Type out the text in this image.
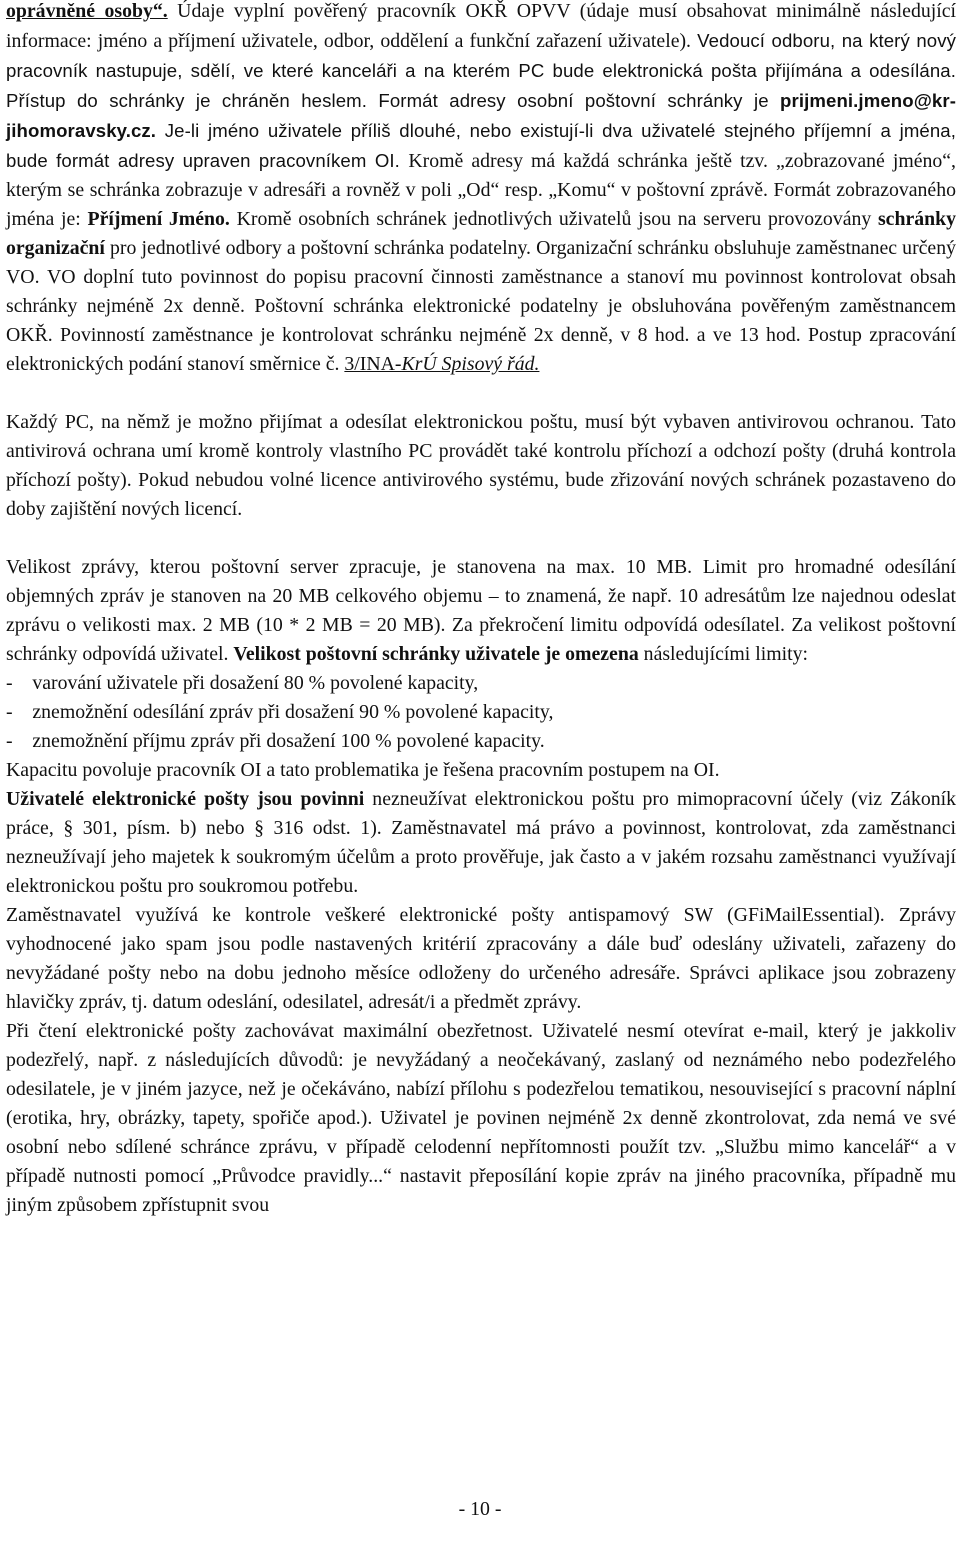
oprávněné osoby“. Údaje vyplní pověřený pracovník OKŘ OPVV (údaje musí obsahovat minimálně následující informace: jméno a příjmení uživatele, odbor, oddělení a funkční zařazení uživatele). Vedoucí odboru, na který nový pracovník nastupuje, sdělí, ve které kanceláři a na kterém PC bude elektronická pošta přijímána a odesílána. Přístup do schránky je chráněn heslem. Formát adresy osobní poštovní schránky je prijmeni.jmeno@kr-jihomoravsky.cz. Je-li jméno uživatele příliš dlouhé, nebo existují-li dva uživatelé stejného příjemní a jména, bude formát adresy upraven pracovníkem OI. Kromě adresy má každá schránka ještě tzv. „zobrazované jméno“, kterým se schránka zobrazuje v adresáři a rovněž v poli „Od“ resp. „Komu“ v poštovní zprávě. Formát zobrazovaného jména je: Příjmení Jméno. Kromě osobních schránek jednotlivých uživatelů jsou na serveru provozovány schránky organizační pro jednotlivé odbory a poštovní schránka podatelny. Organizační schránku obsluhuje zaměstnanec určený VO. VO doplní tuto povinnost do popisu pracovní činnosti zaměstnance a stanoví mu povinnost kontrolovat obsah schránky nejméně 2x denně. Poštovní schránka elektronické podatelny je obsluhována pověřeným zaměstnancem OKŘ. Povinností zaměstnance je kontrolovat schránku nejméně 2x denně, v 8 hod. a ve 13 hod. Postup zpracování elektronických podání stanoví směrnice č. 3/INA-KrÚ Spisový řád.

Každý PC, na němž je možno přijímat a odesílat elektronickou poštu, musí být vybaven antivirovou ochranou. Tato antivirová ochrana umí kromě kontroly vlastního PC provádět také kontrolu příchozí a odchozí pošty (druhá kontrola příchozí pošty). Pokud nebudou volné licence antivirového systému, bude zřizování nových schránek pozastaveno do doby zajištění nových licencí.

Velikost zprávy, kterou poštovní server zpracuje, je stanovena na max. 10 MB. Limit pro hromadné odesílání objemných zpráv je stanoven na 20 MB celkového objemu – to znamená, že např. 10 adresátům lze najednou odeslat zprávu o velikosti max. 2 MB (10 * 2 MB = 20 MB). Za překročení limitu odpovídá odesílatel. Za velikost poštovní schránky odpovídá uživatel. Velikost poštovní schránky uživatele je omezena následujícími limity:

-    varování uživatele při dosažení 80 % povolené kapacity,

-    znemožnění odesílání zpráv při dosažení 90 % povolené kapacity,

-    znemožnění příjmu zpráv při dosažení 100 % povolené kapacity.

Kapacitu povoluje pracovník OI a tato problematika je řešena pracovním postupem na OI.

Uživatelé elektronické pošty jsou povinni nezneužívat elektronickou poštu pro mimopracovní účely (viz Zákoník práce, § 301, písm. b) nebo § 316 odst. 1). Zaměstnavatel má právo a povinnost, kontrolovat, zda zaměstnanci nezneužívají jeho majetek k soukromým účelům a proto prověřuje, jak často a v jakém rozsahu zaměstnanci využívají elektronickou poštu pro soukromou potřebu.

Zaměstnavatel využívá ke kontrole veškeré elektronické pošty antispamový SW (GFiMailEssential). Zprávy vyhodnocené jako spam jsou podle nastavených kritérií zpracovány a dále buď odeslány uživateli, zařazeny do nevyžádané pošty nebo na dobu jednoho měsíce odloženy do určeného adresáře. Správci aplikace jsou zobrazeny hlavičky zpráv, tj. datum odeslání, odesilatel, adresát/i a předmět zprávy.

Při čtení elektronické pošty zachovávat maximální obezřetnost. Uživatelé nesmí otevírat e-mail, který je jakkoliv podezřelý, např. z následujících důvodů: je nevyžádaný a neočekávaný, zaslaný od neznámého nebo podezřelého odesilatele, je v jiném jazyce, než je očekáváno, nabízí přílohu s podezřelou tematikou, nesouvisející s pracovní náplní (erotika, hry, obrázky, tapety, spořiče apod.). Uživatel je povinen nejméně 2x denně zkontrolovat, zda nemá ve své osobní nebo sdílené schránce zprávu, v případě celodenní nepřítomnosti použít tzv. „Službu mimo kancelář“ a v případě nutnosti pomocí „Průvodce pravidly...“ nastavit přeposílání kopie zpráv na jiného pracovníka, případně mu jiným způsobem zpřístupnit svou

- 10 -
